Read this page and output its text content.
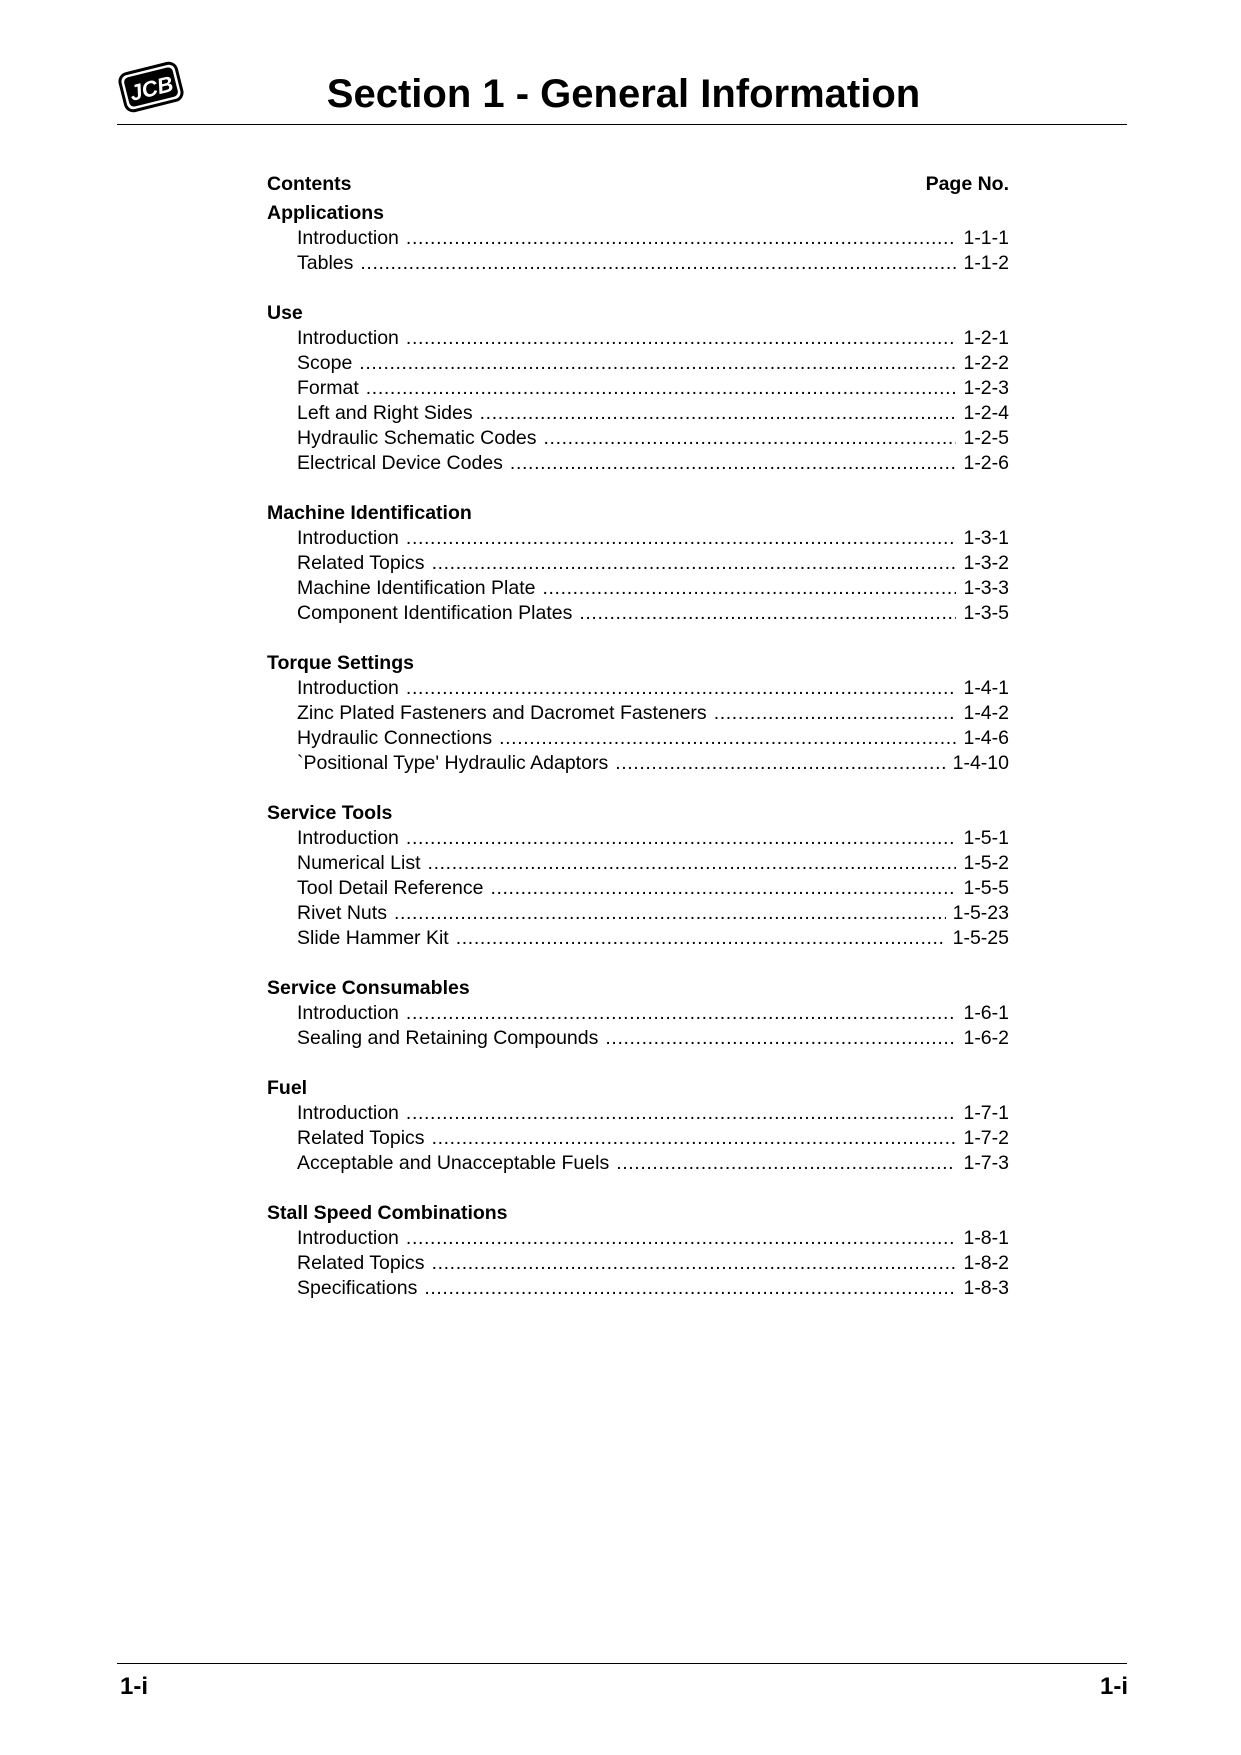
JCB	Section 1 - General Information
Contents	Page No.
Applications
Introduction . . .	1-1-1
Tables . . .	1-1-2
Use
Introduction . . .	1-2-1
Scope . . .	1-2-2
Format . . .	1-2-3
Left and Right Sides . . .	1-2-4
Hydraulic Schematic Codes . . .	1-2-5
Electrical Device Codes . . .	1-2-6
Machine Identification
Introduction . . .	1-3-1
Related Topics . . .	1-3-2
Machine Identification Plate . . .	1-3-3
Component Identification Plates . . .	1-3-5
Torque Settings
Introduction . . .	1-4-1
Zinc Plated Fasteners and Dacromet Fasteners . . .	1-4-2
Hydraulic Connections . . .	1-4-6
`Positional Type' Hydraulic Adaptors . . .	1-4-10
Service Tools
Introduction . . .	1-5-1
Numerical List . . .	1-5-2
Tool Detail Reference . . .	1-5-5
Rivet Nuts . . .	1-5-23
Slide Hammer Kit . . .	1-5-25
Service Consumables
Introduction . . .	1-6-1
Sealing and Retaining Compounds . . .	1-6-2
Fuel
Introduction . . .	1-7-1
Related Topics . . .	1-7-2
Acceptable and Unacceptable Fuels . . .	1-7-3
Stall Speed Combinations
Introduction . . .	1-8-1
Related Topics . . .	1-8-2
Specifications . . .	1-8-3
1-i	1-i
